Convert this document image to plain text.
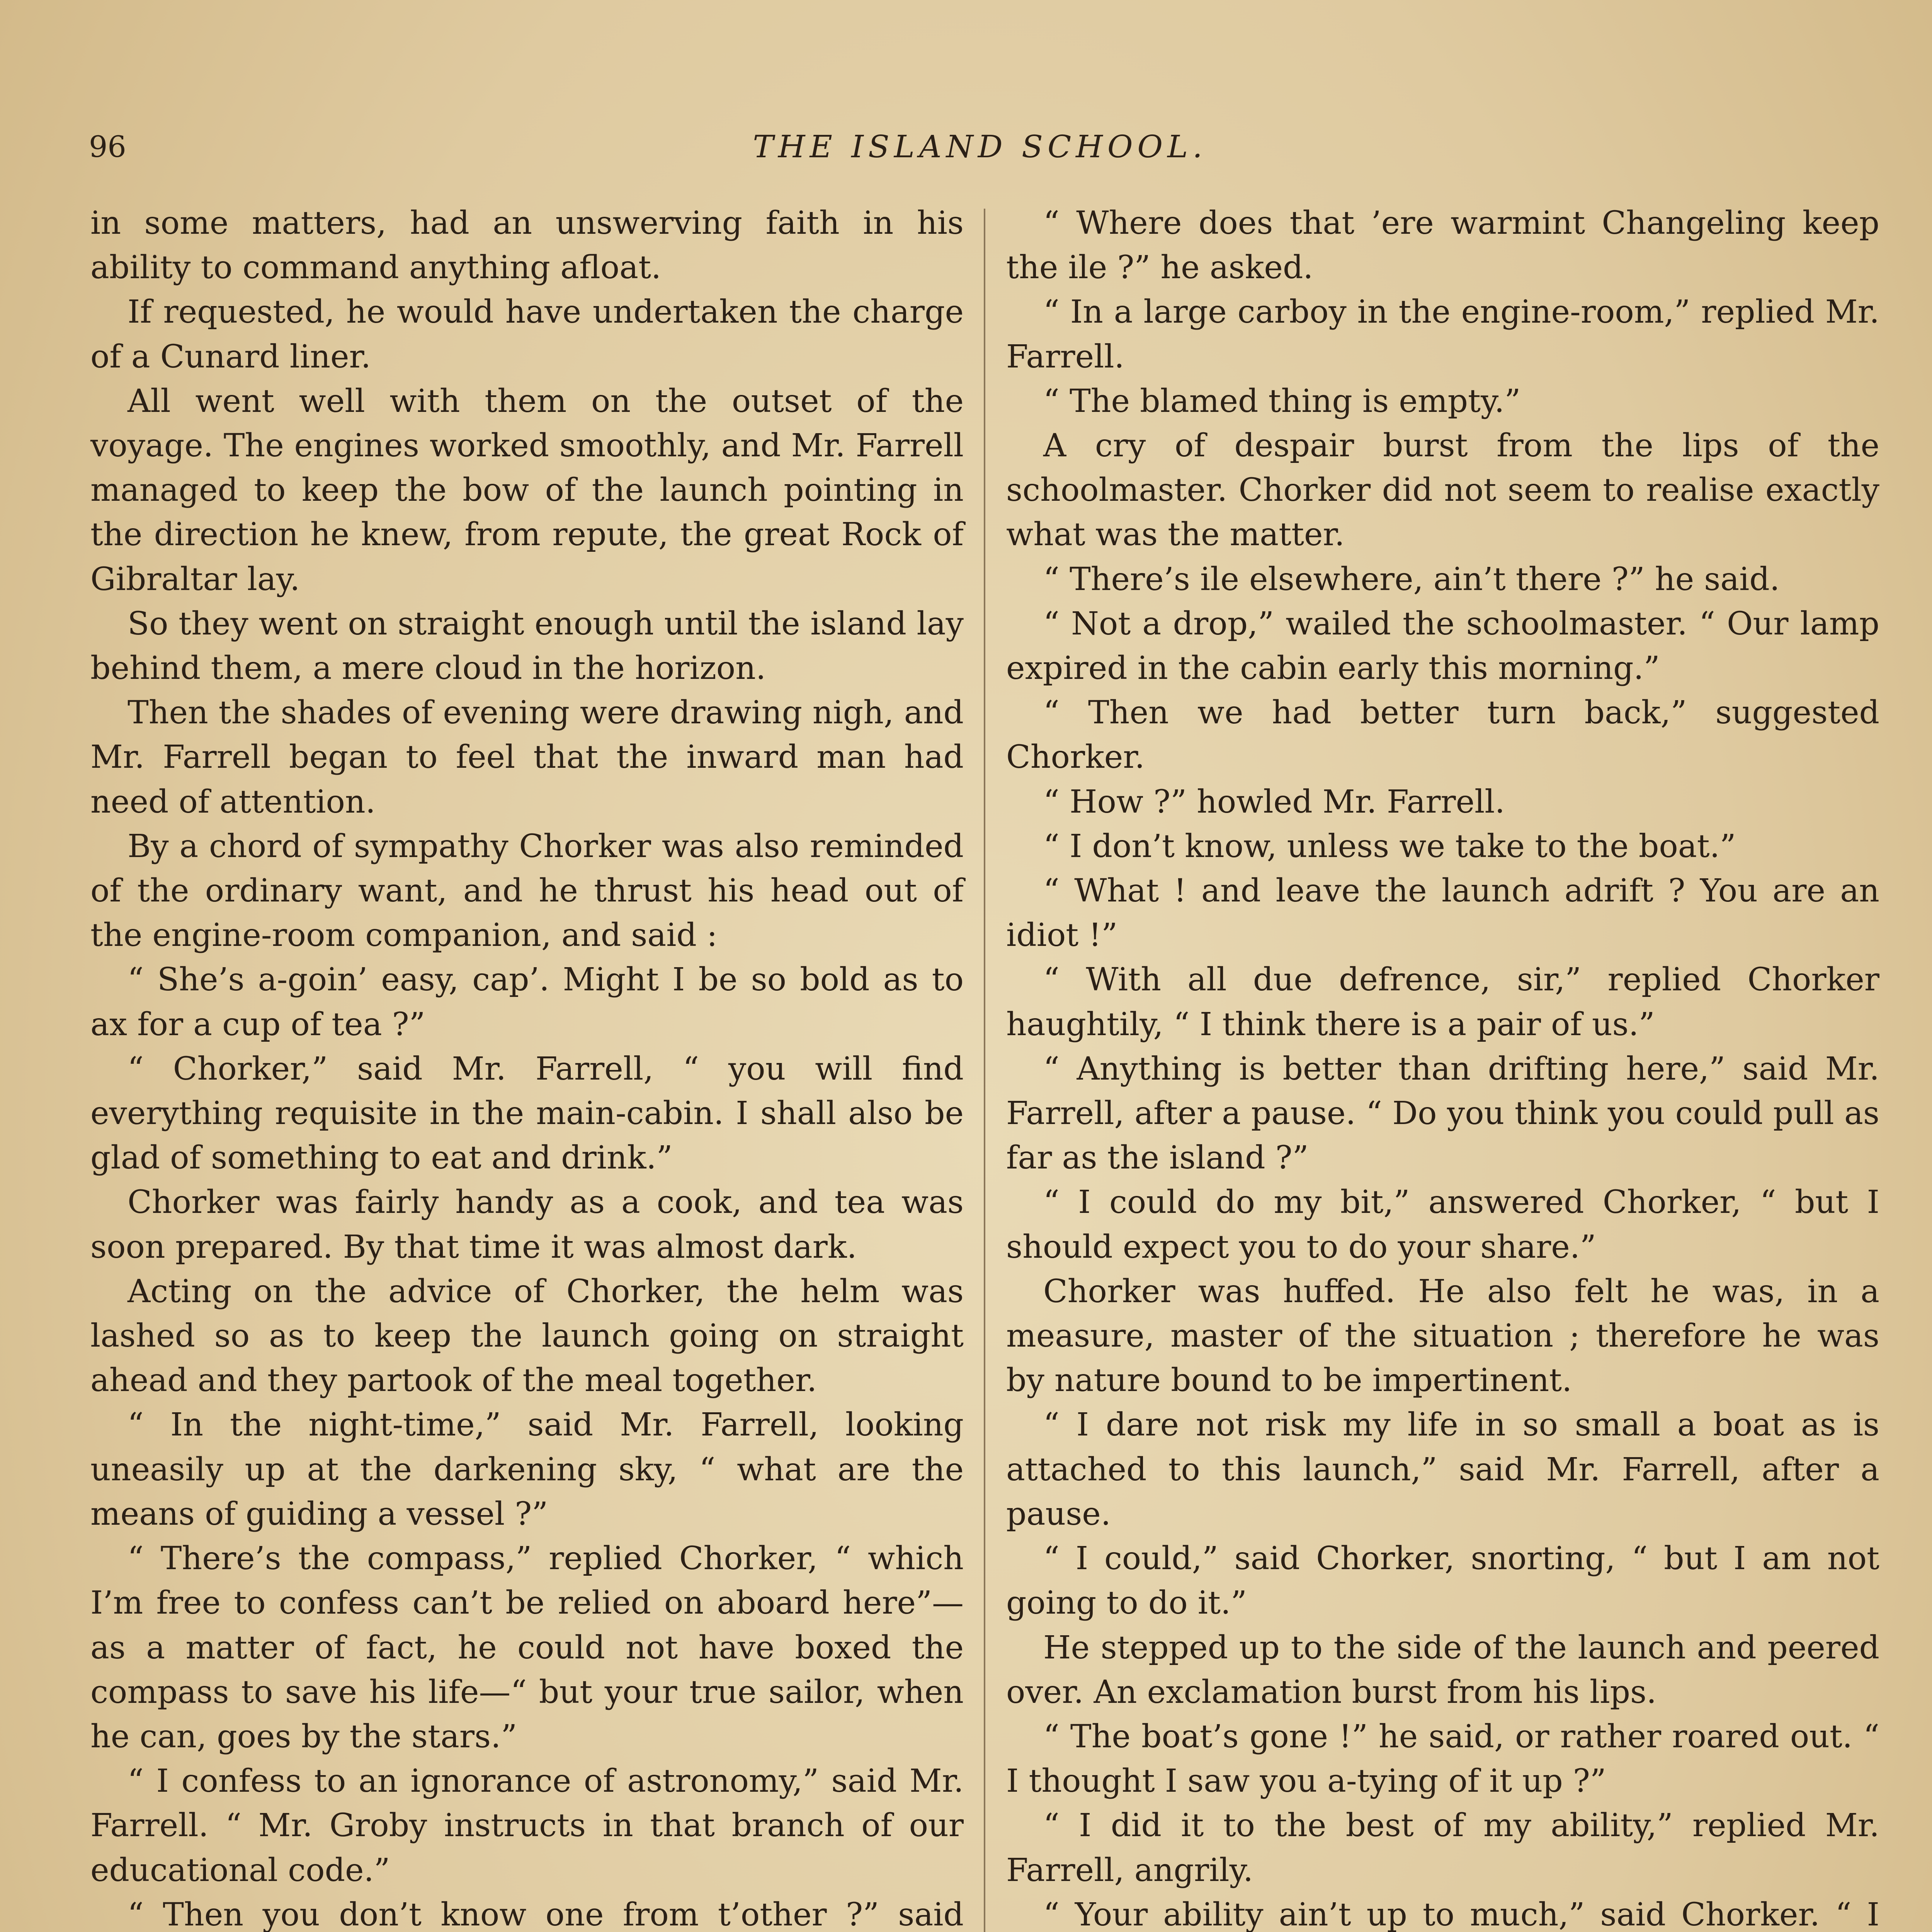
96	THE ISLAND SCHOOL.

in some matters, had an unswerving faith in his ability to command anything afloat.

If requested, he would have undertaken the charge of a Cunard liner.

All went well with them on the outset of the voyage. The engines worked smoothly, and Mr. Farrell managed to keep the bow of the launch pointing in the direction he knew, from repute, the great Rock of Gibraltar lay.

So they went on straight enough until the island lay behind them, a mere cloud in the horizon.

Then the shades of evening were drawing nigh, and Mr. Farrell began to feel that the inward man had need of attention.

By a chord of sympathy Chorker was also reminded of the ordinary want, and he thrust his head out of the engine-room companion, and said :

“ She’s a-goin’ easy, cap’. Might I be so bold as to ax for a cup of tea ?”

“ Chorker,” said Mr. Farrell, “ you will find everything requisite in the main-cabin. I shall also be glad of something to eat and drink.”

Chorker was fairly handy as a cook, and tea was soon prepared. By that time it was almost dark.

Acting on the advice of Chorker, the helm was lashed so as to keep the launch going on straight ahead and they partook of the meal together.

“ In the night-time,” said Mr. Farrell, looking uneasily up at the darkening sky, “ what are the means of guiding a vessel ?”

“ There’s the compass,” replied Chorker, “ which I’m free to confess can’t be relied on aboard here”—as a matter of fact, he could not have boxed the compass to save his life—“ but your true sailor, when he can, goes by the stars.”

“ I confess to an ignorance of astronomy,” said Mr. Farrell. “ Mr. Groby instructs in that branch of our educational code.”

“ Then you don’t know one from t’other ?” said

“ Where does that ’ere warmint Changeling keep the ile ?” he asked.

“ In a large carboy in the engine-room,” replied Mr. Farrell.

“ The blamed thing is empty.”

A cry of despair burst from the lips of the schoolmaster. Chorker did not seem to realise exactly what was the matter.

“ There’s ile elsewhere, ain’t there ?” he said.

“ Not a drop,” wailed the schoolmaster. “ Our lamp expired in the cabin early this morning.”

“ Then we had better turn back,” suggested Chorker.

“ How ?” howled Mr. Farrell.

“ I don’t know, unless we take to the boat.”

“ What ! and leave the launch adrift ? You are an idiot !”

“ With all due defrence, sir,” replied Chorker haughtily, “ I think there is a pair of us.”

“ Anything is better than drifting here,” said Mr. Farrell, after a pause. “ Do you think you could pull as far as the island ?”

“ I could do my bit,” answered Chorker, “ but I should expect you to do your share.”

Chorker was huffed. He also felt he was, in a measure, master of the situation ; therefore he was by nature bound to be impertinent.

“ I dare not risk my life in so small a boat as is attached to this launch,” said Mr. Farrell, after a pause.

“ I could,” said Chorker, snorting, “ but I am not going to do it.”

He stepped up to the side of the launch and peered over. An exclamation burst from his lips.

“ The boat’s gone !” he said, or rather roared out. “ I thought I saw you a-tying of it up ?”

“ I did it to the best of my ability,” replied Mr. Farrell, angrily.

“ Your ability ain’t up to much,” said Chorker. “ I
